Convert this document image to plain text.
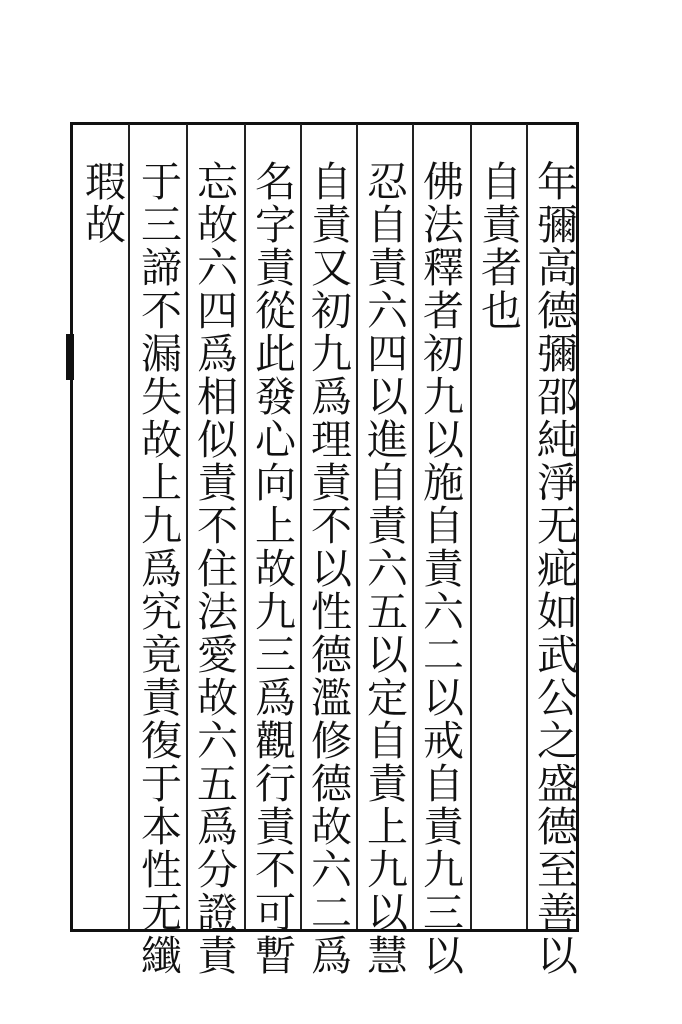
年彌高德彌邵純淨无疵如武公之盛德至善以
自責者也
佛法釋者初九以施自責六二以戒自責九三以
忍自責六四以進自責六五以定自責上九以慧
自責又初九爲理責不以性德濫修德故六二爲
名字責從此發心向上故九三爲觀行責不可暫
忘故六四爲相似責不住法愛故六五爲分證責
于三諦不漏失故上九爲究竟責復于本性无纖
瑕故
